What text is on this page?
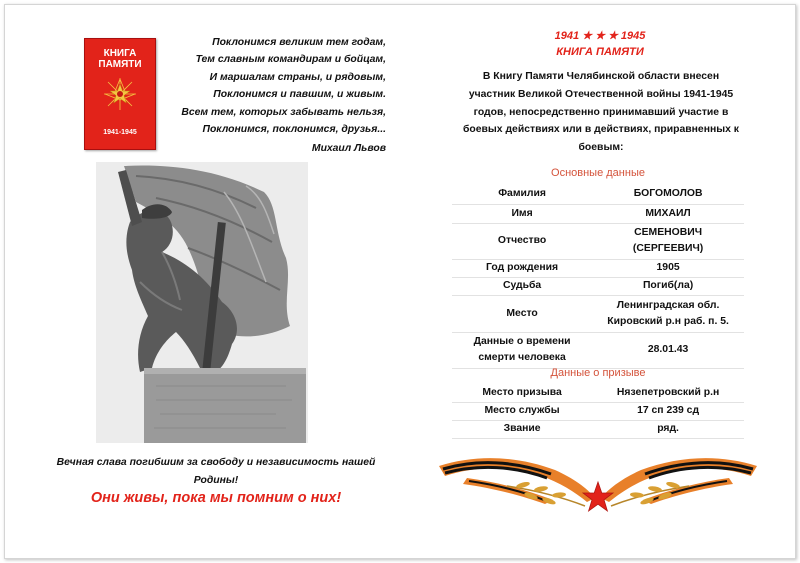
КНИГА
ПАМЯТИ
1941-1945
Поклонимся великим тем годам,
Тем славным командирам и бойцам,
И маршалам страны, и рядовым,
Поклонимся и павшим, и живым.
Всем тем, которых забывать нельзя,
Поклонимся, поклонимся, друзья...
Михаил Львов
Вечная слава погибшим за свободу и независимость нашей
Родины!
Они живы, пока мы помним о них!
1941 ★ ★ ★ 1945
КНИГА ПАМЯТИ
В Книгу Памяти Челябинской области внесен
участник Великой Отечественной войны 1941-1945
годов, непосредственно принимавший участие в
боевых действиях или в действиях, приравненных к
боевым:
Основные данные
Фамилия	БОГОМОЛОВ
Имя	МИХАИЛ
Отчество	СЕМЕНОВИЧ
(СЕРГЕЕВИЧ)

Год рождения	1905
Судьба	Погиб(ла)
Место	Ленинградская обл.
Кировский р.н раб. п. 5.

Данные о времени
смерти человека	28.01.43
Данные о призыве
Место призыва	Нязепетровский р.н
Место службы	17 сп 239 сд
Звание	ряд.
